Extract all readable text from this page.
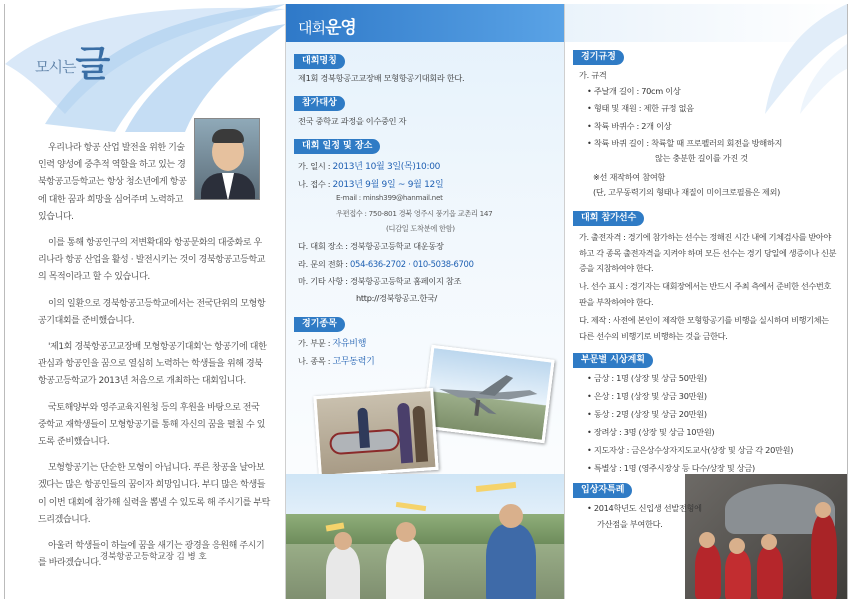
모시는글

우리나라 항공 산업 발전을 위한 기술인력 양성에 중추적 역할을 하고 있는 경북항공고등학교는 항상 청소년에게 항공에 대한 꿈과 희망을 심어주며 노력하고 있습니다.

이를 통해 항공인구의 저변확대와 항공문화의 대중화로 우리나라 항공 산업을 활성 · 발전시키는 것이 경북항공고등학교의 목적이라고 할 수 있습니다.

이의 일환으로 경북항공고등학교에서는 전국단위의 모형항공기대회를 준비했습니다.

'제1회 경북항공고교장배 모형항공기대회'는 항공기에 대한 관심과 항공인을 꿈으로 열심히 노력하는 학생들을 위해 경북항공고등학교가 2013년 처음으로 개최하는 대회입니다.

국토해양부와 영주교육지원청 등의 후원을 바탕으로 전국 중학교 재학생들이 모형항공기를 통해 자신의 꿈을 펼칠 수 있도록 준비했습니다.

모형항공기는 단순한 모형이 아닙니다. 푸른 창공을 날아보겠다는 많은 항공인들의 꿈이자 희망입니다. 부디 많은 학생들이 이번 대회에 참가해 실력을 뽐낼 수 있도록 해 주시기를 부탁드리겠습니다.

아울러 학생들이 하늘에 꿈을 새기는 광경을 응원해 주시기를 바라겠습니다.

경북항공고등학교장 김 병 호
대회운영
대회명칭
제1회 경북항공고교장배 모형항공기대회라 한다.
참가대상
전국 중학교 과정을 이수중인 자
대회 일정 및 장소
가. 일시 : 2013년 10월 3일(목)10:00
나. 접수 : 2013년 9월 9일 ~ 9월 12일
E-mail : minsh399@hanmail.net
우편접수 : 750-801 경북 영주시 풍기읍 교촌리 147
(디감일 도착분에 한함)
다. 대회 장소 : 경북항공고등학교 대운동장
라. 문의 전화 : 054-636-2702 · 010-5038-6700
마. 기타 사항 : 경북항공고등학교 홈페이지 참조
http://경북항공고.한국/
경기종목
가. 부문 : 자유비행
나. 종목 : 고무동력기
경기규정
가. 규격
• 주날개 길이 : 70cm 이상
• 형태 및 재원 : 제한 규정 없음
• 착륙 바퀴수 : 2개 이상
• 착륙 바퀴 길이 : 착륙할 때 프로펠러의 회전을 방해하지
않는 충분한 길이를 가진 것
※선 재작하여 참여함
(단, 고무동력기의 형태나 재질이 미이크로필름은 제외)
대회 참가선수
가. 출전자격 : 경기에 참가하는 선수는 정해진 시간 내에 기체검사를 받아야하고 각 종목 출전자격을 지켜야 하며 모든 선수는 경기 당일에 생증이나 신분증을 지참하여야 한다.
나. 선수 표시 : 경기자는 대회장에서는 반드시 주최 측에서 준비한 선수번호판을 부착하여야 한다.
다. 제작 : 사전에 본인이 제작한 모형항공기를 비행을 실시하며 비행기체는 다른 선수의 비행기로 비행하는 것을 금한다.
부문별 시상계획
• 금상 : 1명 (상장 및 상금 50만원)
• 은상 : 1명 (상장 및 상금 30만원)
• 동상 : 2명 (상장 및 상금 20만원)
• 장려상 : 3명 (상장 및 상금 10만원)
• 지도자상 : 금은상수상자지도교사(상장 및 상금 각 20만원)
• 특별상 : 1명 (영주시장상 등 다수/상장 및 상금)
입상자특례
• 2014학년도 신입생 선발전형에
가산점을 부여한다.
